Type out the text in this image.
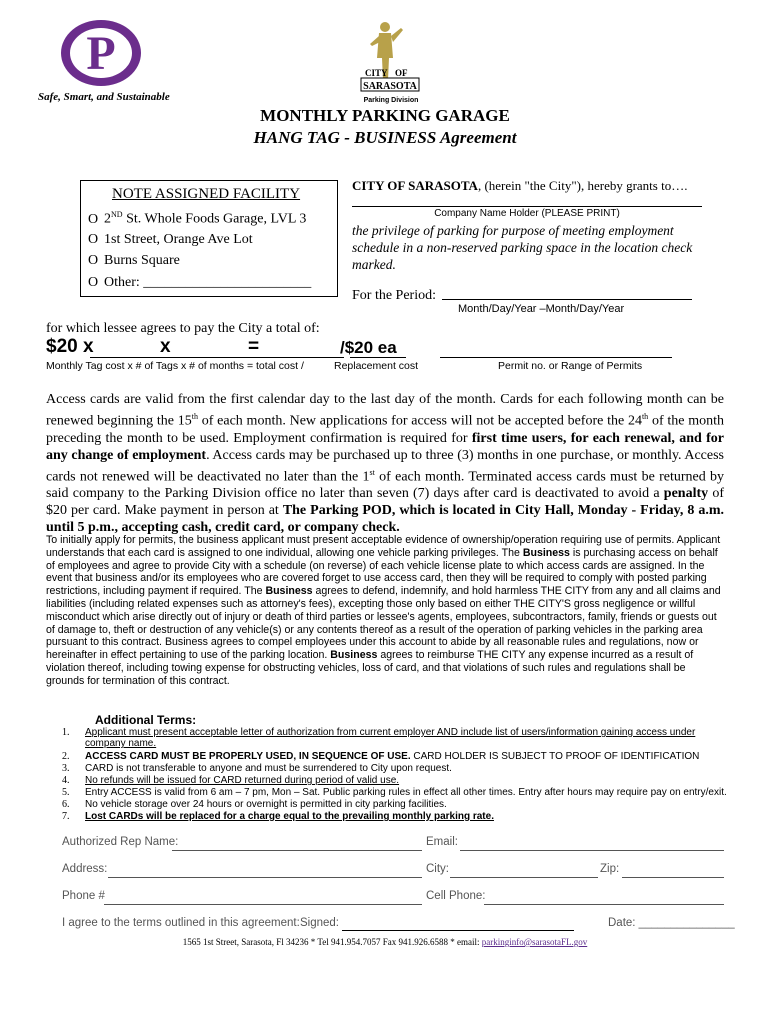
P
Safe, Smart, and Sustainable
CITY OF
SARASOTA
Parking Division
MONTHLY PARKING GARAGE
HANG TAG - BUSINESS Agreement
NOTE ASSIGNED FACILITY
O 2ND St. Whole Foods Garage, LVL 3
O 1st Street, Orange Ave Lot
O Burns Square
O Other: ________________________
CITY OF SARASOTA, (herein "the City"), hereby grants to….
Company Name Holder (PLEASE PRINT)
the privilege of parking for purpose of meeting employment schedule in a non-reserved parking space in the location check marked.
For the Period:
Month/Day/Year –Month/Day/Year
for which lessee agrees to pay the City a total of:
$20 x	x	=	/$20 ea
Monthly Tag cost x # of Tags x # of months = total cost /	Replacement cost	Permit no. or Range of Permits
Access cards are valid from the first calendar day to the last day of the month. Cards for each following month can be renewed beginning the 15th of each month. New applications for access will not be accepted before the 24th of the month preceding the month to be used. Employment confirmation is required for first time users, for each renewal, and for any change of employment. Access cards may be purchased up to three (3) months in one purchase, or monthly. Access cards not renewed will be deactivated no later than the 1st of each month. Terminated access cards must be returned by said company to the Parking Division office no later than seven (7) days after card is deactivated to avoid a penalty of $20 per card. Make payment in person at The Parking POD, which is located in City Hall, Monday - Friday, 8 a.m. until 5 p.m., accepting cash, credit card, or company check.
To initially apply for permits, the business applicant must present acceptable evidence of ownership/operation requiring use of permits. Applicant understands that each card is assigned to one individual, allowing one vehicle parking privileges. The Business is purchasing access on behalf of employees and agree to provide City with a schedule (on reverse) of each vehicle license plate to which access cards are assigned. In the event that business and/or its employees who are covered forget to use access card, then they will be required to comply with posted parking restrictions, including payment if required. The Business agrees to defend, indemnify, and hold harmless THE CITY from any and all claims and liabilities (including related expenses such as attorney's fees), excepting those only based on either THE CITY'S gross negligence or willful misconduct which arise directly out of injury or death of third parties or lessee's agents, employees, subcontractors, family, friends or guests out of damage to, theft or destruction of any vehicle(s) or any contents thereof as a result of the operation of parking vehicles in the parking area pursuant to this contract. Business agrees to compel employees under this account to abide by all reasonable rules and regulations, now or hereinafter in effect pertaining to use of the parking location. Business agrees to reimburse THE CITY any expense incurred as a result of violation thereof, including towing expense for obstructing vehicles, loss of card, and that violations of such rules and regulations shall be grounds for termination of this contract.
Additional Terms:
1. Applicant must present acceptable letter of authorization from current employer AND include list of users/information gaining access under company name.
2. ACCESS CARD MUST BE PROPERLY USED, IN SEQUENCE OF USE. CARD HOLDER IS SUBJECT TO PROOF OF IDENTIFICATION
3. CARD is not transferable to anyone and must be surrendered to City upon request.
4. No refunds will be issued for CARD returned during period of valid use.
5. Entry ACCESS is valid from 6 am – 7 pm, Mon – Sat. Public parking rules in effect all other times. Entry after hours may require pay on entry/exit.
6. No vehicle storage over 24 hours or overnight is permitted in city parking facilities.
7. Lost CARDs will be replaced for a charge equal to the prevailing monthly parking rate.
Authorized Rep Name:	Email:
Address:	City:	Zip:
Phone #	Cell Phone:
I agree to the terms outlined in this agreement: Signed:	Date: _______________
1565 1st Street, Sarasota, Fl 34236 * Tel 941.954.7057 Fax 941.926.6588 * email: parkinginfo@sarasotaFL.gov
